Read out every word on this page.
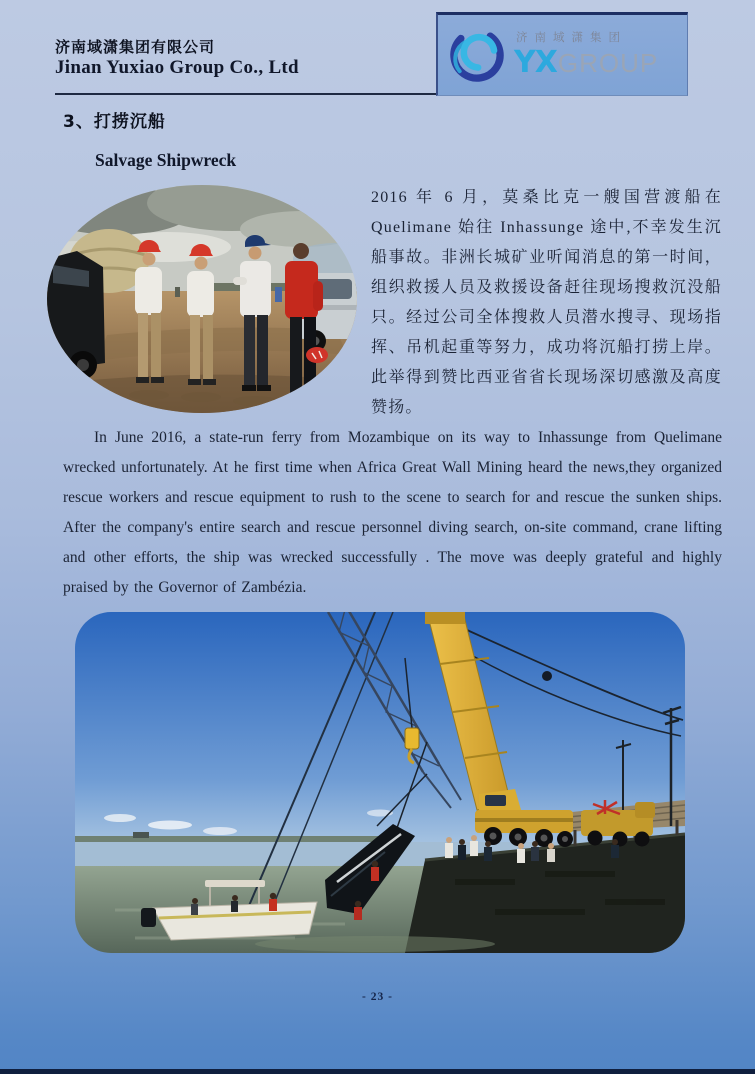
济南域潇集团有限公司
Jinan Yuxiao Group Co., Ltd
济南域潇集团
YXGROUP
3、打捞沉船
Salvage Shipwreck

2016 年 6 月，莫桑比克一艘国营渡船在 Quelimane 始往 Inhassunge 途中,不幸发生沉船事故。非洲长城矿业听闻消息的第一时间，组织救援人员及救援设备赶往现场搜救沉没船只。经过公司全体搜救人员潜水搜寻、现场指挥、吊机起重等努力，成功将沉船打捞上岸。此举得到赞比西亚省省长现场深切感激及高度赞扬。

In June 2016, a state-run ferry from Mozambique on its way to Inhassunge from Quelimane wrecked unfortunately. At he first time when Africa Great Wall Mining heard the news,they organized rescue workers and rescue equipment to rush to the scene to search for and rescue the sunken ships. After the company's entire search and rescue personnel diving search, on-site command, crane lifting and other efforts, the ship was wrecked successfully . The move was deeply grateful and highly praised by the Governor of Zambézia.

- 23 -
